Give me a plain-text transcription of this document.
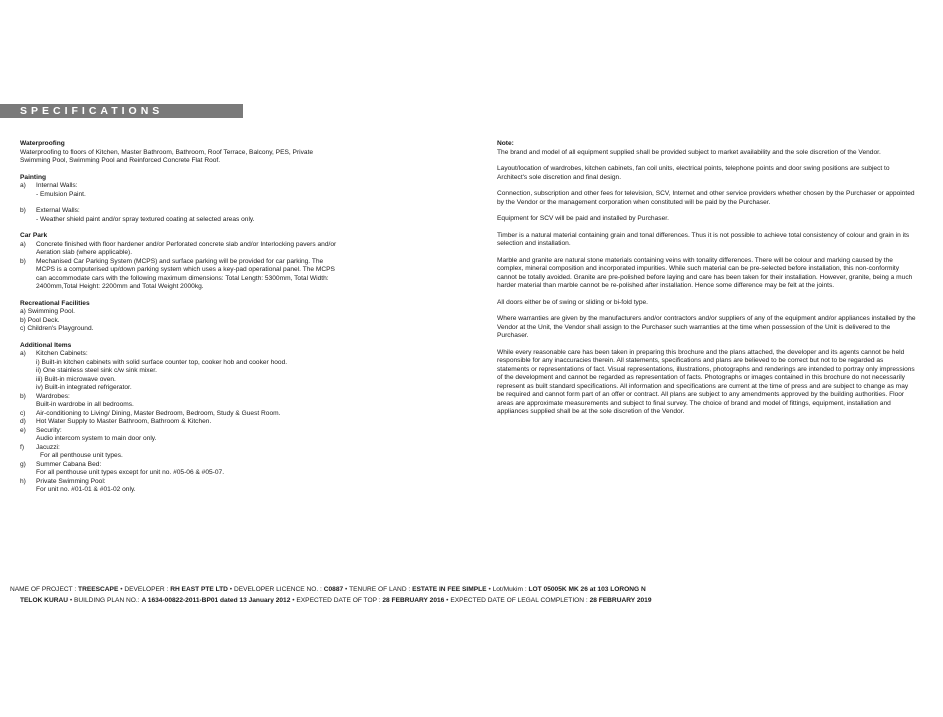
SPECIFICATIONS
Waterproofing
Waterproofing to floors of Kitchen, Master Bathroom, Bathroom, Roof Terrace, Balcony, PES, Private
Swimming Pool, Swimming Pool and Reinforced Concrete Flat Roof.
Painting
a)	Internal Walls:
- Emulsion Paint.
b)	External Walls:
- Weather shield paint and/or spray textured coating at selected areas only.
Car Park
a)	Concrete finished with floor hardener and/or Perforated concrete slab and/or Interlocking pavers and/or
Aeration slab (where applicable).
b)	Mechanised Car Parking System (MCPS) and surface parking will be provided for car parking. The
MCPS is a computerised up/down parking system which uses a key-pad operational panel. The MCPS
can accommodate cars with the following maximum dimensions: Total Length: 5300mm, Total Width:
2400mm,Total Height: 2200mm and Total Weight 2000kg.
Recreational Facilities
a) Swimming Pool.
b) Pool Deck.
c) Children's Playground.
Additional Items
a)	Kitchen Cabinets:
i) Built-in kitchen cabinets with solid surface counter top, cooker hob and cooker hood.
ii) One stainless steel sink c/w sink mixer.
iii) Built-in microwave oven.
iv) Built-in integrated refrigerator.
b)	Wardrobes:
Built-in wardrobe in all bedrooms.
c)	Air-conditioning to Living/ Dining, Master Bedroom, Bedroom, Study & Guest Room.
d)	Hot Water Supply to Master Bathroom, Bathroom & Kitchen.
e)	Security:
Audio intercom system to main door only.
f)	Jacuzzi:
For all penthouse unit types.
g)	Summer Cabana Bed:
For all penthouse unit types except for unit no. #05-06 & #05-07.
h)	Private Swimming Pool:
For unit no. #01-01 & #01-02 only.
Note:
The brand and model of all equipment supplied shall be provided subject to market availability and the sole discretion of the Vendor.
Layout/location of wardrobes, kitchen cabinets, fan coil units, electrical points, telephone points and door swing positions are subject to Architect's sole discretion and final design.
Connection, subscription and other fees for television, SCV, Internet and other service providers whether chosen by the Purchaser or appointed by the Vendor or the management corporation when constituted will be paid by the Purchaser.
Equipment for SCV will be paid and installed by Purchaser.
Timber is a natural material containing grain and tonal differences. Thus it is not possible to achieve total consistency of colour and grain in its selection and installation.
Marble and granite are natural stone materials containing veins with tonality differences. There will be colour and marking caused by the complex, mineral composition and incorporated impurities. While such material can be pre-selected before installation, this non-conformity cannot be totally avoided. Granite are pre-polished before laying and care has been taken for their installation. However, granite, being a much harder material than marble cannot be re-polished after installation. Hence some difference may be felt at the joints.
All doors either be of swing or sliding or bi-fold type.
Where warranties are given by the manufacturers and/or contractors and/or suppliers of any of the equipment and/or appliances installed by the Vendor at the Unit, the Vendor shall assign to the Purchaser such warranties at the time when possession of the Unit is delivered to the Purchaser.
While every reasonable care has been taken in preparing this brochure and the plans attached, the developer and its agents cannot be held responsible for any inaccuracies therein. All statements, specifications and plans are believed to be correct but not to be regarded as statements or representations of fact. Visual representations, illustrations, photographs and renderings are intended to portray only impressions of the development and cannot be regarded as representation of facts. Photographs or images contained in this brochure do not necessarily represent as built standard specifications. All information and specifications are current at the time of press and are subject to change as may be required and cannot form part of an offer or contract. All plans are subject to any amendments approved by the building authorities. Floor areas are approximate measurements and subject to final survey. The choice of brand and model of fittings, equipment, installation and appliances supplied shall be at the sole discretion of the Vendor.
NAME OF PROJECT : TREESCAPE • DEVELOPER : RH EAST PTE LTD • DEVELOPER LICENCE NO. : C0887 • TENURE OF LAND : ESTATE IN FEE SIMPLE • Lot/Mukim : LOT 05005K MK 26 at 103 LORONG N
TELOK KURAU • BUILDING PLAN NO.: A 1634-00822-2011-BP01 dated 13 January 2012 • EXPECTED DATE OF TOP : 28 FEBRUARY 2016 • EXPECTED DATE OF LEGAL COMPLETION : 28 FEBRUARY 2019
